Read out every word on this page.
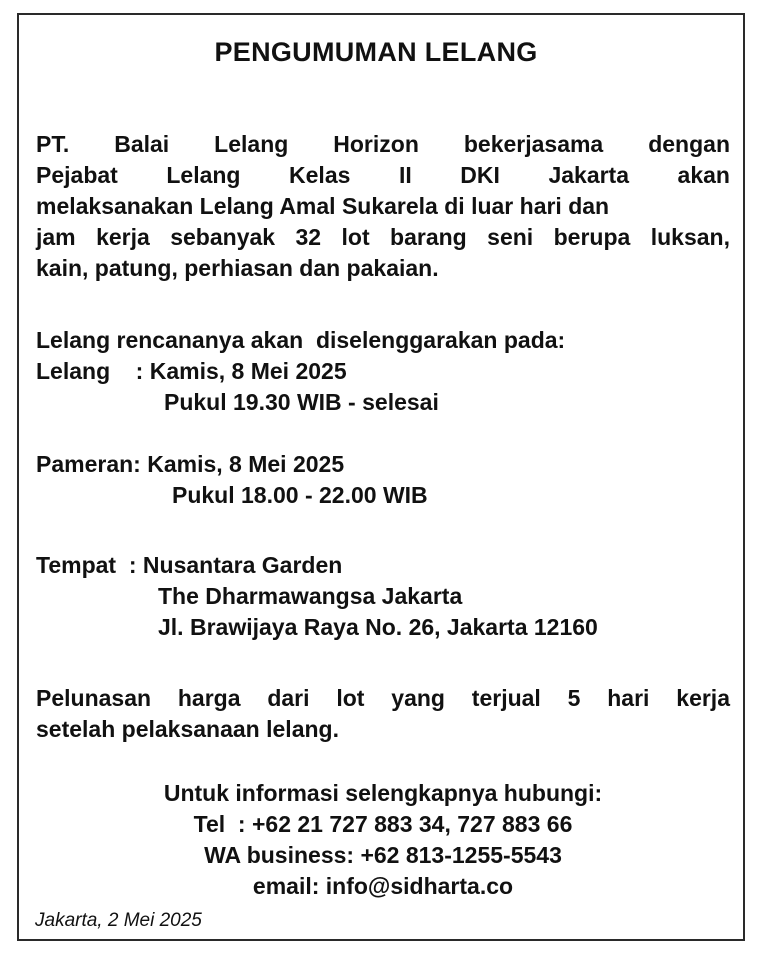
PENGUMUMAN LELANG
PT. Balai Lelang Horizon bekerjasama dengan
Pejabat Lelang Kelas II DKI Jakarta akan
melaksanakan Lelang Amal Sukarela di luar hari dan
jam kerja sebanyak 32 lot barang seni berupa luksan,
kain, patung, perhiasan dan pakaian.
Lelang rencananya akan  diselenggarakan pada:
Lelang    : Kamis, 8 Mei 2025
Pukul 19.30 WIB - selesai
Pameran: Kamis, 8 Mei 2025
Pukul 18.00 - 22.00 WIB
Tempat  : Nusantara Garden
The Dharmawangsa Jakarta
Jl. Brawijaya Raya No. 26, Jakarta 12160
Pelunasan harga dari lot yang terjual 5 hari kerja
setelah pelaksanaan lelang.
Untuk informasi selengkapnya hubungi:
Tel  : +62 21 727 883 34, 727 883 66
WA business: +62 813-1255-5543
email: info@sidharta.co
Jakarta, 2 Mei 2025
